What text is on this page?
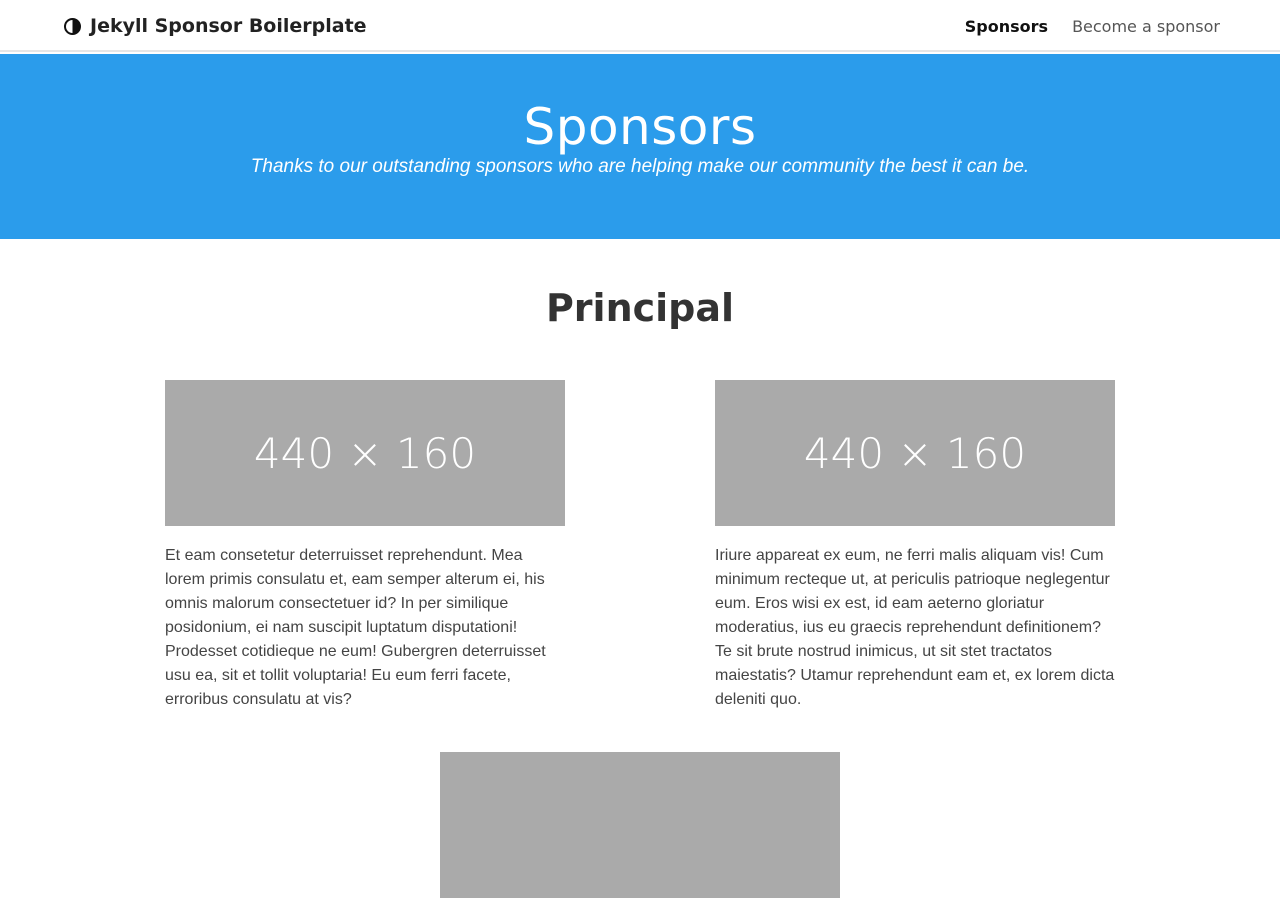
Jekyll Sponsor Boilerplate	Sponsors Become a sponsor
Sponsors

Thanks to our outstanding sponsors who are helping make our community the best it can be.

Principal
440 × 160

Et eam consetetur deterruisset reprehendunt. Mea lorem primis consulatu et, eam semper alterum ei, his omnis malorum consectetuer id? In per similique posidonium, ei nam suscipit luptatum disputationi! Prodesset cotidieque ne eum! Gubergren deterruisset usu ea, sit et tollit voluptaria! Eu eum ferri facete, erroribus consulatu at vis?

440 × 160

Iriure appareat ex eum, ne ferri malis aliquam vis! Cum minimum recteque ut, at periculis patrioque neglegentur eum. Eros wisi ex est, id eam aeterno gloriatur moderatius, ius eu graecis reprehendunt definitionem? Te sit brute nostrud inimicus, ut sit stet tractatos maiestatis? Utamur reprehendunt eam et, ex lorem dicta deleniti quo.
